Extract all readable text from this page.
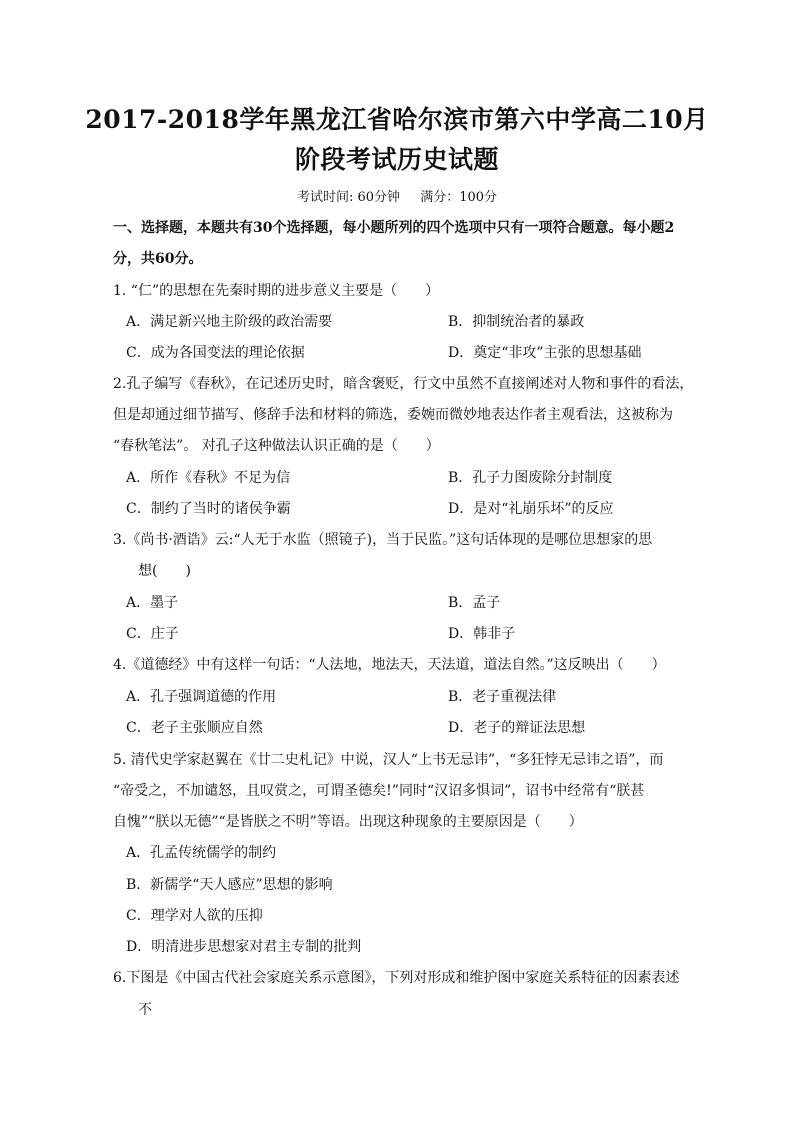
2017-2018学年黑龙江省哈尔滨市第六中学高二10月
阶段考试历史试题
考试时间: 60分钟 满分：100分
一、选择题，本题共有30个选择题，每小题所列的四个选项中只有一项符合题意。每小题2
分，共60分。
1. “仁”的思想在先秦时期的进步意义主要是（　　）
A．满足新兴地主阶级的政治需要	B．抑制统治者的暴政
C．成为各国变法的理论依据	D．奠定“非攻”主张的思想基础
2.孔子编写《春秋》，在记述历史时，暗含褒贬，行文中虽然不直接阐述对人物和事件的看法，
但是却通过细节描写、修辞手法和材料的筛选，委婉而微妙地表达作者主观看法，这被称为
“春秋笔法”。 对孔子这种做法认识正确的是（　　）
A．所作《春秋》不足为信	B．孔子力图废除分封制度
C．制约了当时的诸侯争霸	D．是对“礼崩乐坏”的反应
3.《尚书·酒诰》云:“人无于水监（照镜子)，当于民监。”这句话体现的是哪位思想家的思
想(　　)
A．墨子	B．孟子
C．庄子	D．韩非子
4.《道德经》中有这样一句话：“人法地，地法天，天法道，道法自然。”这反映出（　　）
A．孔子强调道德的作用	B．老子重视法律
C．老子主张顺应自然	D．老子的辩证法思想
5. 清代史学家赵翼在《廿二史札记》中说，汉人“上书无忌讳”，“多狂悖无忌讳之语”，而
“帝受之，不加谴怒，且叹赏之，可谓圣德矣!”同时“汉诏多惧词”，诏书中经常有“朕甚
自愧”“朕以无德”“是皆朕之不明”等语。出现这种现象的主要原因是（　　）
A．孔孟传统儒学的制约
B．新儒学“天人感应”思想的影响
C．理学对人欲的压抑
D．明清进步思想家对君主专制的批判
6.下图是《中国古代社会家庭关系示意图》，下列对形成和维护图中家庭关系特征的因素表述
不
